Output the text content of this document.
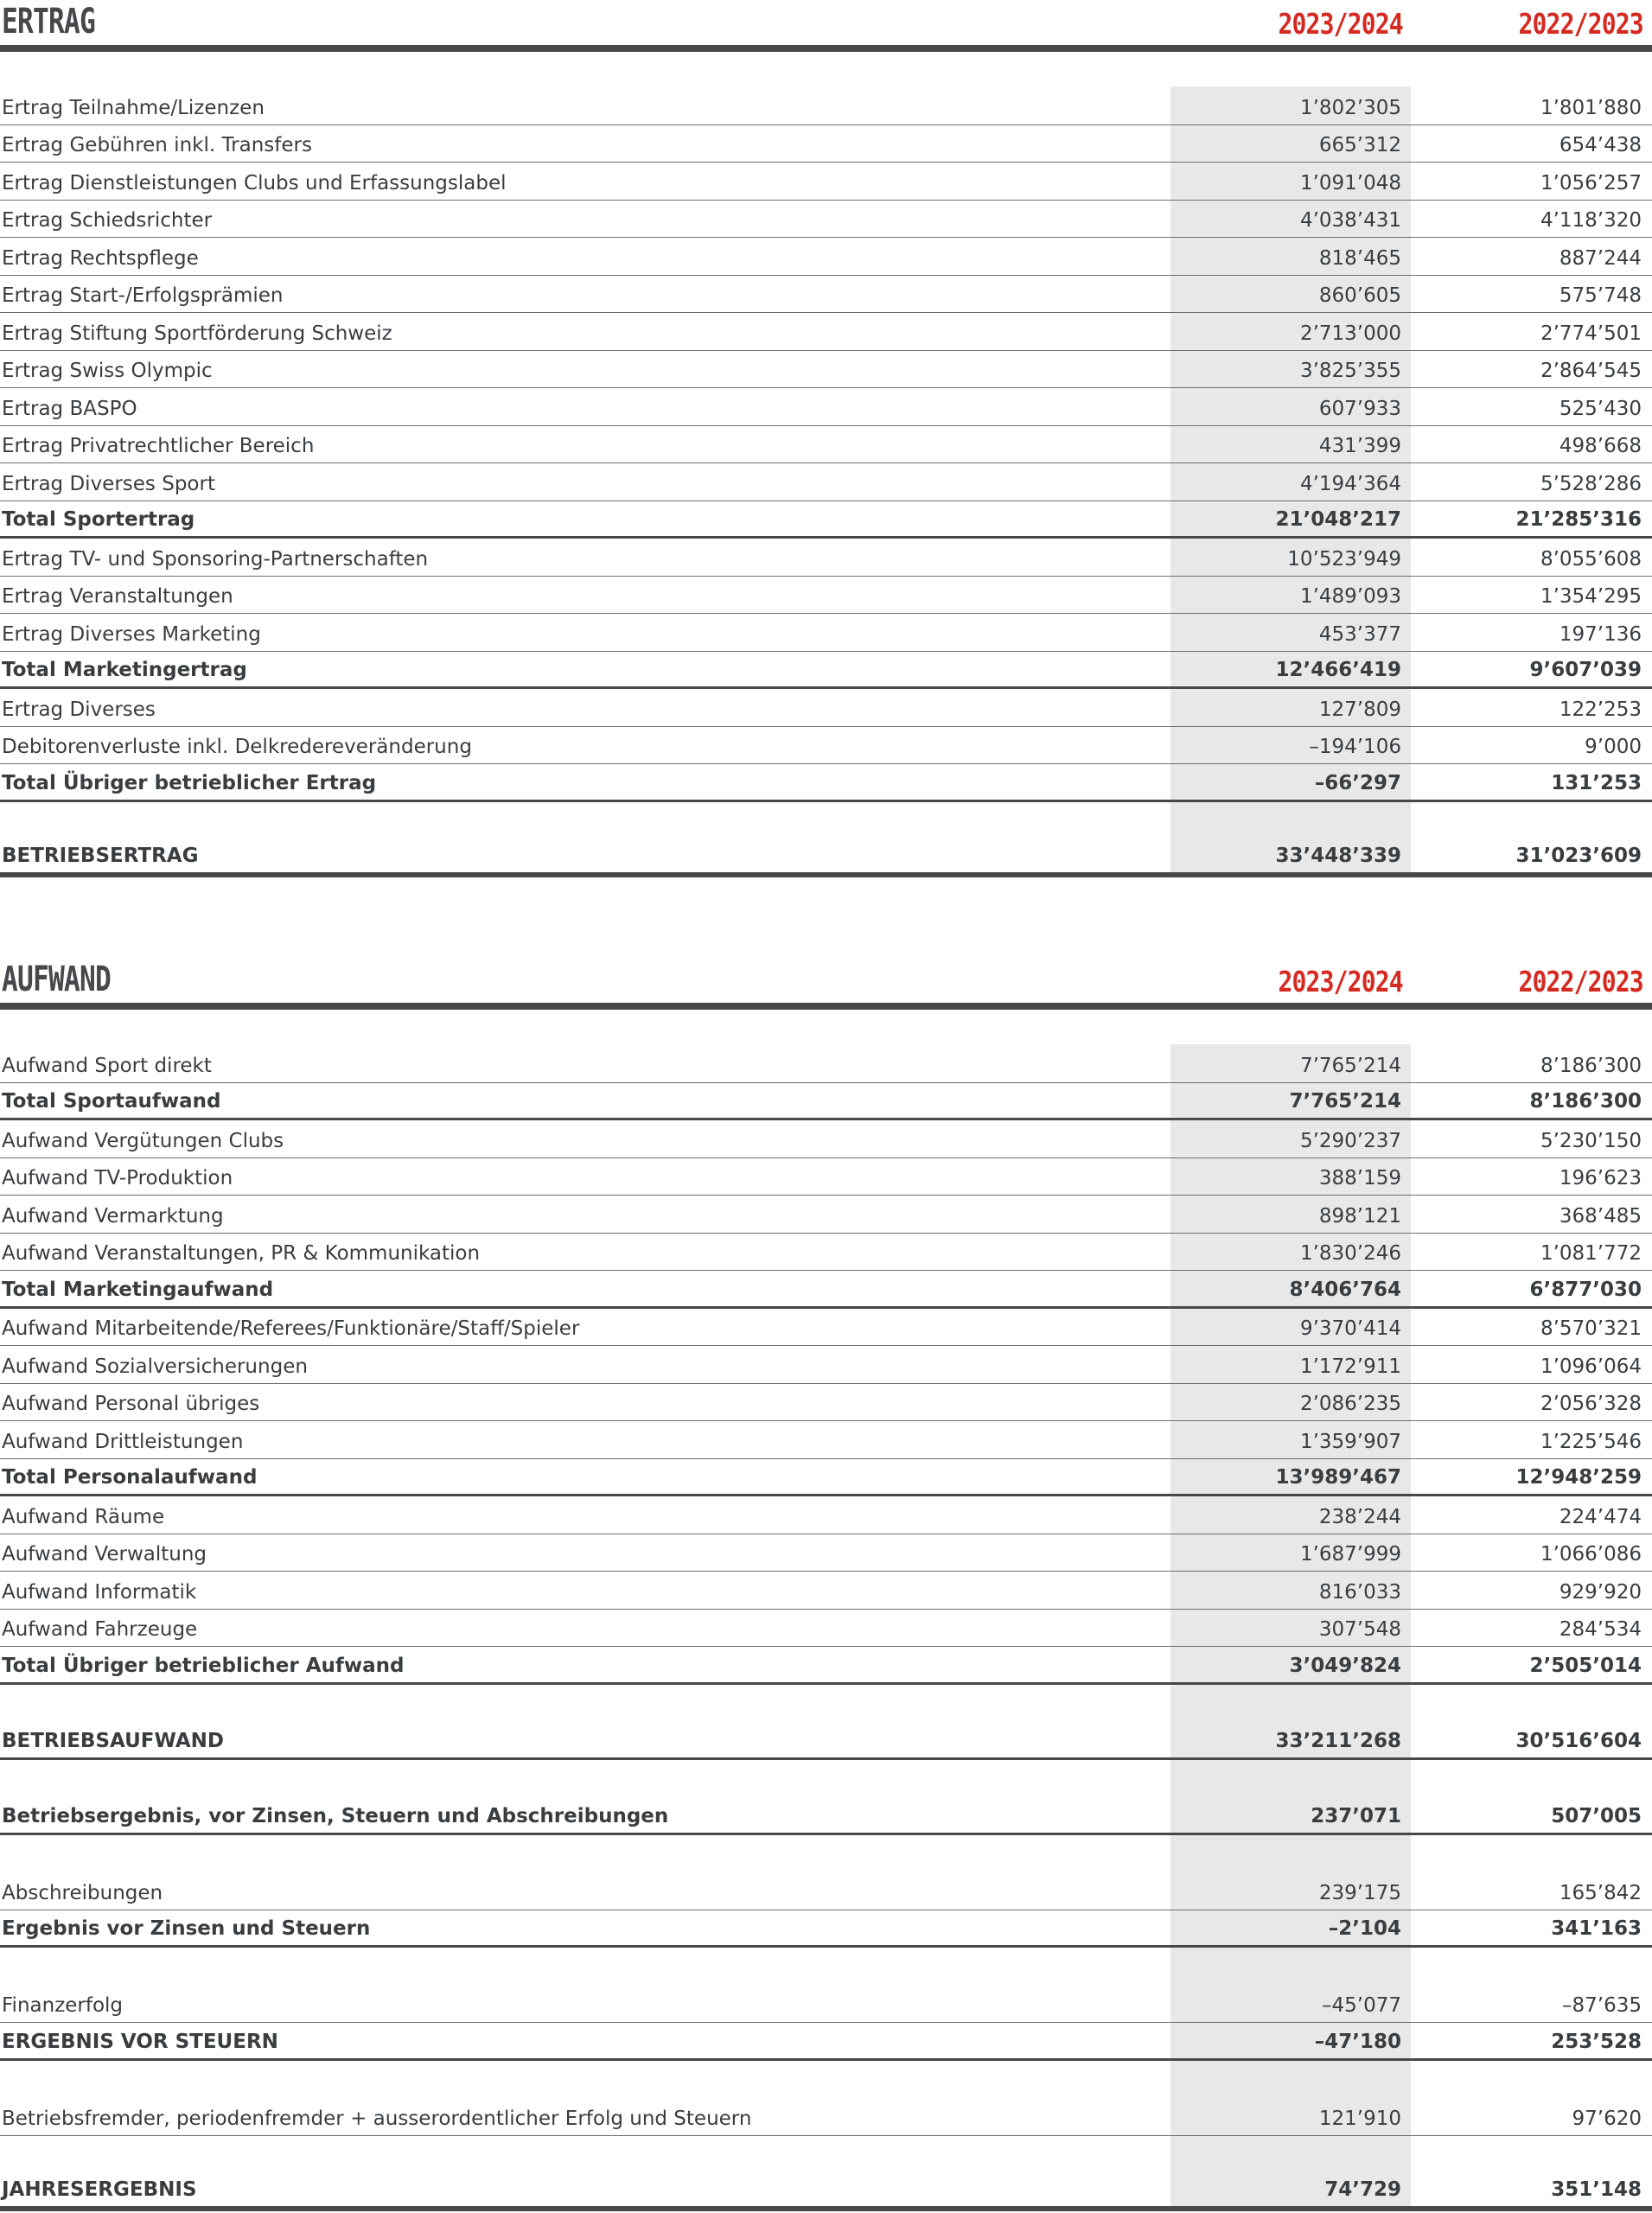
ERTRAG	2023/2024	2022/2023
Ertrag Teilnahme/Lizenzen	1’802’305	1’801’880
Ertrag Gebühren inkl. Transfers	665’312	654’438
Ertrag Dienstleistungen Clubs und Erfassungslabel	1’091’048	1’056’257
Ertrag Schiedsrichter	4’038’431	4’118’320
Ertrag Rechtspflege	818’465	887’244
Ertrag Start-/Erfolgsprämien	860’605	575’748
Ertrag Stiftung Sportförderung Schweiz	2’713’000	2’774’501
Ertrag Swiss Olympic	3’825’355	2’864’545
Ertrag BASPO	607’933	525’430
Ertrag Privatrechtlicher Bereich	431’399	498’668
Ertrag Diverses Sport	4’194’364	5’528’286
Total Sportertrag	21’048’217	21’285’316
Ertrag TV- und Sponsoring-Partnerschaften	10’523’949	8’055’608
Ertrag Veranstaltungen	1’489’093	1’354’295
Ertrag Diverses Marketing	453’377	197’136
Total Marketingertrag	12’466’419	9’607’039
Ertrag Diverses	127’809	122’253
Debitorenverluste inkl. Delkredereveränderung	–194’106	9’000
Total Übriger betrieblicher Ertrag	–66’297	131’253
BETRIEBSERTRAG	33’448’339	31’023’609
AUFWAND	2023/2024	2022/2023
Aufwand Sport direkt	7’765’214	8’186’300
Total Sportaufwand	7’765’214	8’186’300
Aufwand Vergütungen Clubs	5’290’237	5’230’150
Aufwand TV-Produktion	388’159	196’623
Aufwand Vermarktung	898’121	368’485
Aufwand Veranstaltungen, PR & Kommunikation	1’830’246	1’081’772
Total Marketingaufwand	8’406’764	6’877’030
Aufwand Mitarbeitende/Referees/Funktionäre/Staff/Spieler	9’370’414	8’570’321
Aufwand Sozialversicherungen	1’172’911	1’096’064
Aufwand Personal übriges	2’086’235	2’056’328
Aufwand Drittleistungen	1’359’907	1’225’546
Total Personalaufwand	13’989’467	12’948’259
Aufwand Räume	238’244	224’474
Aufwand Verwaltung	1’687’999	1’066’086
Aufwand Informatik	816’033	929’920
Aufwand Fahrzeuge	307’548	284’534
Total Übriger betrieblicher Aufwand	3’049’824	2’505’014
BETRIEBSAUFWAND	33’211’268	30’516’604
Betriebsergebnis, vor Zinsen, Steuern und Abschreibungen	237’071	507’005
Abschreibungen	239’175	165’842
Ergebnis vor Zinsen und Steuern	–2’104	341’163
Finanzerfolg	–45’077	–87’635
ERGEBNIS VOR STEUERN	–47’180	253’528
Betriebsfremder, periodenfremder + ausserordentlicher Erfolg und Steuern	121’910	97’620
JAHRESERGEBNIS	74’729	351’148
